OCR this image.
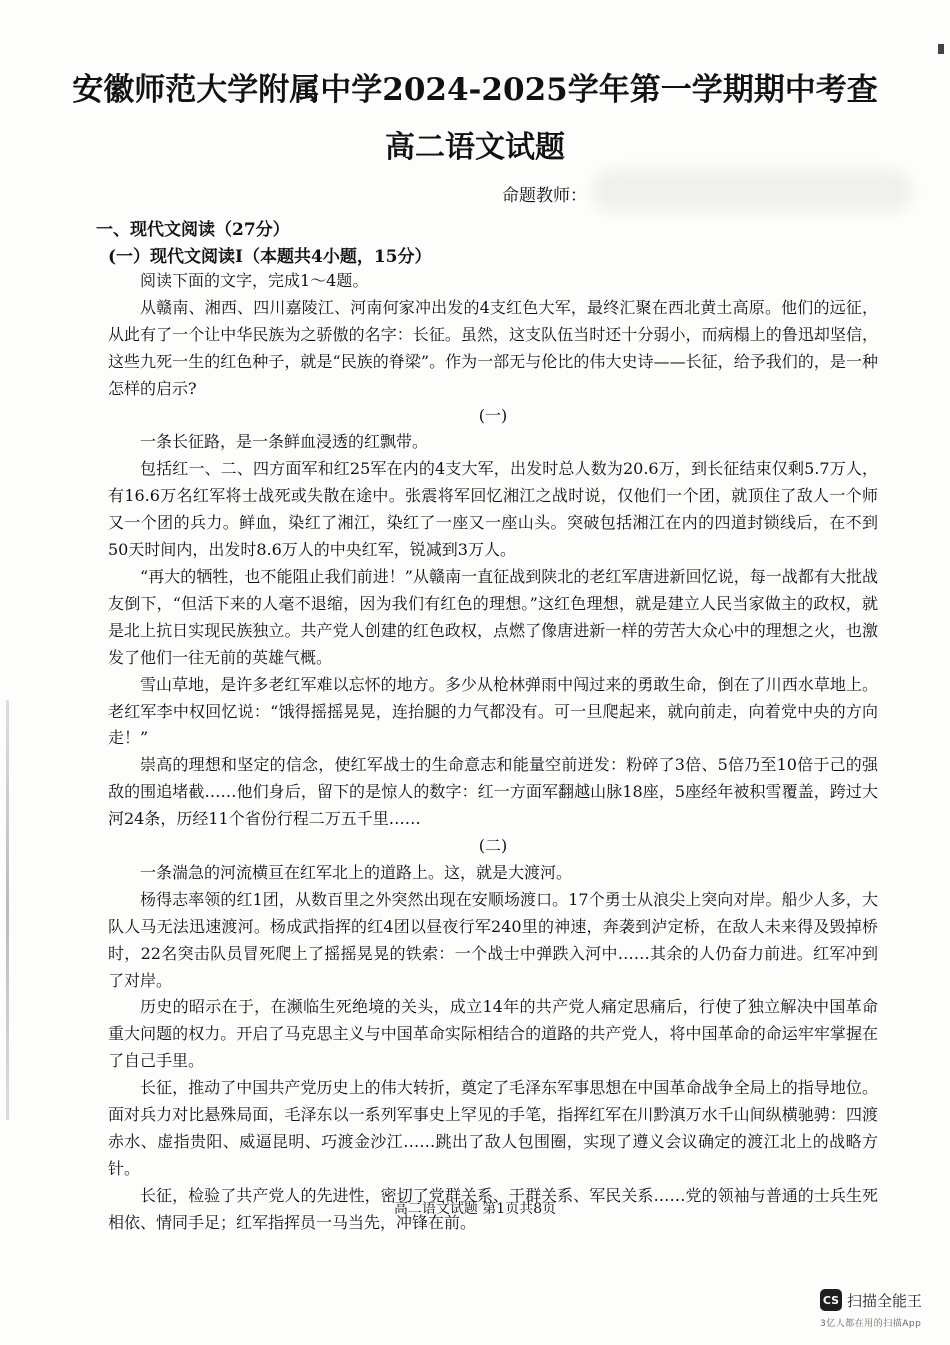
安徽师范大学附属中学2024-2025学年第一学期期中考查
高二语文试题
命题教师：
一、现代文阅读（27分）
(一）现代文阅读Ⅰ（本题共4小题，15分）

阅读下面的文字，完成1～4题。

从赣南、湘西、四川嘉陵江、河南何家冲出发的4支红色大军，最终汇聚在西北黄土高原。他们的远征，从此有了一个让中华民族为之骄傲的名字：长征。虽然，这支队伍当时还十分弱小，而病榻上的鲁迅却坚信，这些九死一生的红色种子，就是“民族的脊梁”。作为一部无与伦比的伟大史诗——长征，给予我们的，是一种怎样的启示?

(一)

一条长征路，是一条鲜血浸透的红飘带。

包括红一、二、四方面军和红25军在内的4支大军，出发时总人数为20.6万，到长征结束仅剩5.7万人，有16.6万名红军将士战死或失散在途中。张震将军回忆湘江之战时说，仅他们一个团，就顶住了敌人一个师又一个团的兵力。鲜血，染红了湘江，染红了一座又一座山头。突破包括湘江在内的四道封锁线后，在不到50天时间内，出发时8.6万人的中央红军，锐减到3万人。

“再大的牺牲，也不能阻止我们前进！”从赣南一直征战到陕北的老红军唐进新回忆说，每一战都有大批战友倒下，“但活下来的人毫不退缩，因为我们有红色的理想。”这红色理想，就是建立人民当家做主的政权，就是北上抗日实现民族独立。共产党人创建的红色政权，点燃了像唐进新一样的劳苦大众心中的理想之火，也激发了他们一往无前的英雄气概。

雪山草地，是许多老红军难以忘怀的地方。多少从枪林弹雨中闯过来的勇敢生命，倒在了川西水草地上。老红军李中权回忆说：“饿得摇摇晃晃，连抬腿的力气都没有。可一旦爬起来，就向前走，向着党中央的方向走！”

崇高的理想和坚定的信念，使红军战士的生命意志和能量空前迸发：粉碎了3倍、5倍乃至10倍于己的强敌的围追堵截……他们身后，留下的是惊人的数字：红一方面军翻越山脉18座，5座经年被积雪覆盖，跨过大河24条，历经11个省份行程二万五千里……

(二)

一条湍急的河流横亘在红军北上的道路上。这，就是大渡河。

杨得志率领的红1团，从数百里之外突然出现在安顺场渡口。17个勇士从浪尖上突向对岸。船少人多，大队人马无法迅速渡河。杨成武指挥的红4团以昼夜行军240里的神速，奔袭到泸定桥，在敌人未来得及毁掉桥时，22名突击队员冒死爬上了摇摇晃晃的铁索：一个战士中弹跌入河中……其余的人仍奋力前进。红军冲到了对岸。

历史的昭示在于，在濒临生死绝境的关头，成立14年的共产党人痛定思痛后，行使了独立解决中国革命重大问题的权力。开启了马克思主义与中国革命实际相结合的道路的共产党人，将中国革命的命运牢牢掌握在了自己手里。

长征，推动了中国共产党历史上的伟大转折，奠定了毛泽东军事思想在中国革命战争全局上的指导地位。面对兵力对比悬殊局面，毛泽东以一系列军事史上罕见的手笔，指挥红军在川黔滇万水千山间纵横驰骋：四渡赤水、虚指贵阳、威逼昆明、巧渡金沙江……跳出了敌人包围圈，实现了遵义会议确定的渡江北上的战略方针。

长征，检验了共产党人的先进性，密切了党群关系、干群关系、军民关系……党的领袖与普通的士兵生死相依、情同手足；红军指挥员一马当先，冲锋在前。

高二语文试题 第1页共8页
CS 扫描全能王
3亿人都在用的扫描App
